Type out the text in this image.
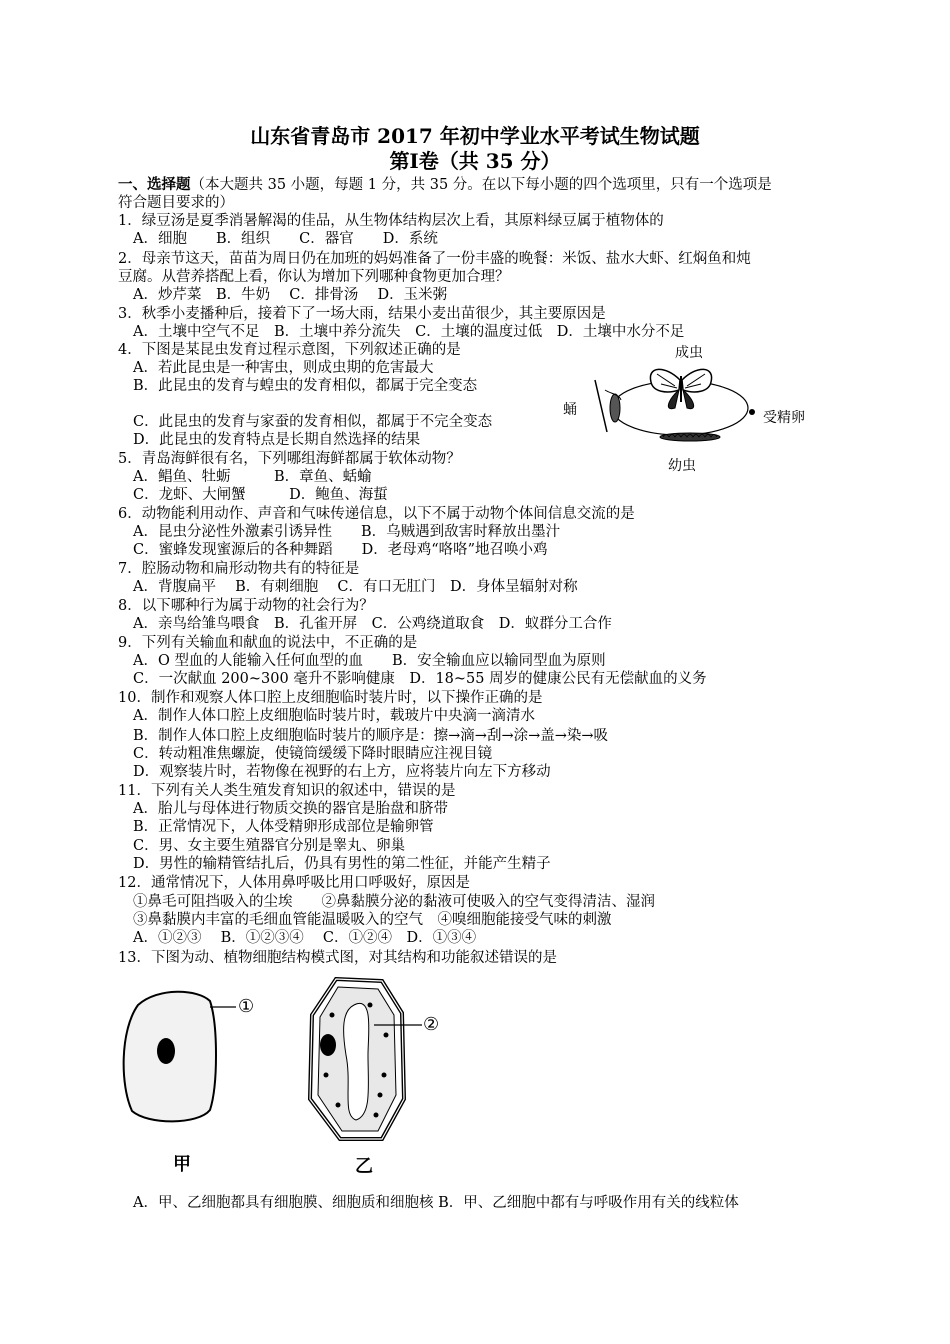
山东省青岛市 2017 年初中学业水平考试生物试题
第Ⅰ卷（共 35 分）
一、选择题（本大题共 35 小题，每题 1 分，共 35 分。在以下每小题的四个选项里，只有一个选项是
符合题目要求的）
1．绿豆汤是夏季消暑解渴的佳品，从生物体结构层次上看，其原料绿豆属于植物体的
A．细胞　　B．组织　　C．器官　　D．系统
2．母亲节这天，苗苗为周日仍在加班的妈妈准备了一份丰盛的晚餐：米饭、盐水大虾、红焖鱼和炖
豆腐。从营养搭配上看，你认为增加下列哪种食物更加合理？
A．炒芹菜　B．牛奶　 C．排骨汤　 D．玉米粥
3．秋季小麦播种后，接着下了一场大雨，结果小麦出苗很少，其主要原因是
A．土壤中空气不足　B．土壤中养分流失　C．土壤的温度过低　D．土壤中水分不足
4．下图是某昆虫发育过程示意图，下列叙述正确的是
A．若此昆虫是一种害虫，则成虫期的危害最大
B．此昆虫的发育与蝗虫的发育相似，都属于完全变态
C．此昆虫的发育与家蚕的发育相似，都属于不完全变态
D．此昆虫的发育特点是长期自然选择的结果
成虫
蛹	受精卵
幼虫
5．青岛海鲜很有名，下列哪组海鲜都属于软体动物？
A．鲳鱼、牡蛎　　　B．章鱼、蛞蝓
C．龙虾、大闸蟹　　　D．鲍鱼、海蜇
6．动物能利用动作、声音和气味传递信息，以下不属于动物个体间信息交流的是
A．昆虫分泌性外激素引诱异性　　B．乌贼遇到敌害时释放出墨汁
C．蜜蜂发现蜜源后的各种舞蹈　　D．老母鸡“咯咯”地召唤小鸡
7．腔肠动物和扁形动物共有的特征是
A．背腹扁平　 B．有刺细胞　 C．有口无肛门　D．身体呈辐射对称
8．以下哪种行为属于动物的社会行为？
A．亲鸟给雏鸟喂食　B．孔雀开屏　C．公鸡绕道取食　D．蚁群分工合作
9．下列有关输血和献血的说法中，不正确的是
A．O 型血的人能输入任何血型的血　　B．安全输血应以输同型血为原则
C．一次献血 200~300 毫升不影响健康　D．18~55 周岁的健康公民有无偿献血的义务
10．制作和观察人体口腔上皮细胞临时装片时，以下操作正确的是
A．制作人体口腔上皮细胞临时装片时，载玻片中央滴一滴清水
B．制作人体口腔上皮细胞临时装片的顺序是：擦→滴→刮→涂→盖→染→吸
C．转动粗准焦螺旋，使镜筒缓缓下降时眼睛应注视目镜
D．观察装片时，若物像在视野的右上方，应将装片向左下方移动
11．下列有关人类生殖发育知识的叙述中，错误的是
A．胎儿与母体进行物质交换的器官是胎盘和脐带
B．正常情况下，人体受精卵形成部位是输卵管
C．男、女主要生殖器官分别是睾丸、卵巢
D．男性的输精管结扎后，仍具有男性的第二性征，并能产生精子
12．通常情况下，人体用鼻呼吸比用口呼吸好，原因是
①鼻毛可阻挡吸入的尘埃　　②鼻黏膜分泌的黏液可使吸入的空气变得清洁、湿润
③鼻黏膜内丰富的毛细血管能温暖吸入的空气　④嗅细胞能接受气味的刺激
A．①②③　 B．①②③④　 C．①②④　D．①③④
13．下图为动、植物细胞结构模式图，对其结构和功能叙述错误的是
①
甲
②
乙
A．甲、乙细胞都具有细胞膜、细胞质和细胞核 B．甲、乙细胞中都有与呼吸作用有关的线粒体
